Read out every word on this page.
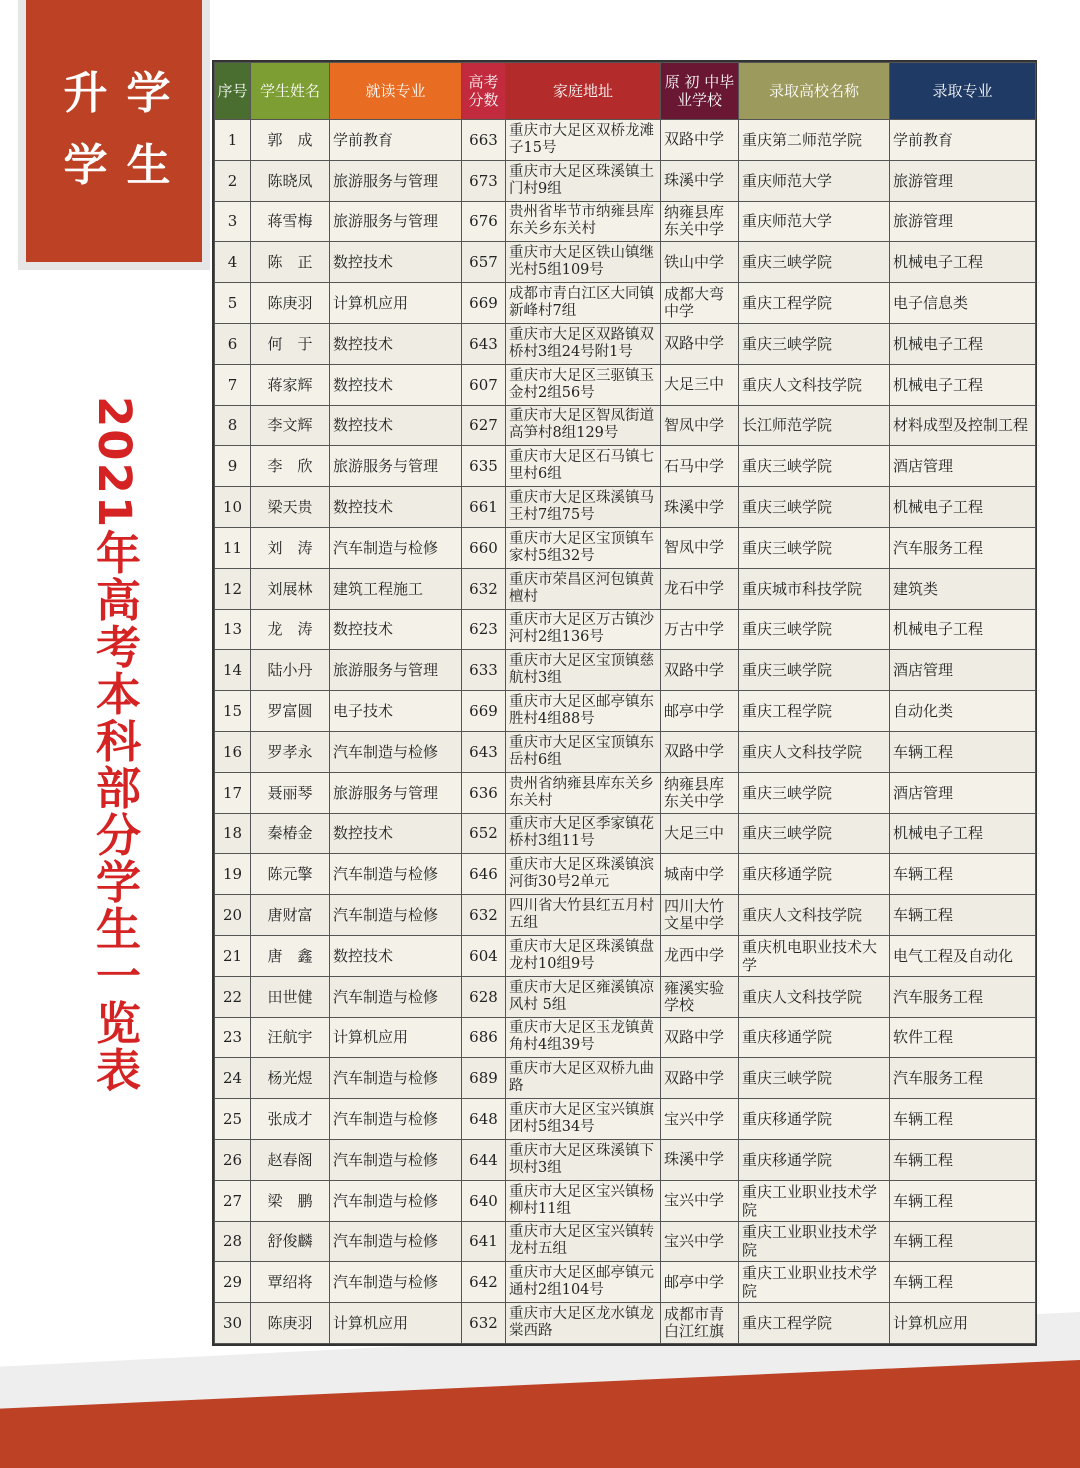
升 学
学 生
2021年高考本科部分学生一览表
序号	学生姓名	就读专业	高考分数	家庭地址	原 初 中毕业学校	录取高校名称	录取专业
1	郭　成	学前教育	663	重庆市大足区双桥龙滩子15号	双路中学	重庆第二师范学院	学前教育
2	陈晓凤	旅游服务与管理	673	重庆市大足区珠溪镇土门村9组	珠溪中学	重庆师范大学	旅游管理
3	蒋雪梅	旅游服务与管理	676	贵州省毕节市纳雍县库东关乡东关村	纳雍县库东关中学	重庆师范大学	旅游管理
4	陈　正	数控技术	657	重庆市大足区铁山镇继光村5组109号	铁山中学	重庆三峡学院	机械电子工程
5	陈庚羽	计算机应用	669	成都市青白江区大同镇新峰村7组	成都大弯中学	重庆工程学院	电子信息类
6	何　于	数控技术	643	重庆市大足区双路镇双桥村3组24号附1号	双路中学	重庆三峡学院	机械电子工程
7	蒋家辉	数控技术	607	重庆市大足区三驱镇玉金村2组56号	大足三中	重庆人文科技学院	机械电子工程
8	李文辉	数控技术	627	重庆市大足区智凤街道高笋村8组129号	智凤中学	长江师范学院	材料成型及控制工程
9	李　欣	旅游服务与管理	635	重庆市大足区石马镇七里村6组	石马中学	重庆三峡学院	酒店管理
10	梁天贵	数控技术	661	重庆市大足区珠溪镇马王村7组75号	珠溪中学	重庆三峡学院	机械电子工程
11	刘　涛	汽车制造与检修	660	重庆市大足区宝顶镇车家村5组32号	智凤中学	重庆三峡学院	汽车服务工程
12	刘展林	建筑工程施工	632	重庆市荣昌区河包镇黄檀村	龙石中学	重庆城市科技学院	建筑类
13	龙　涛	数控技术	623	重庆市大足区万古镇沙河村2组136号	万古中学	重庆三峡学院	机械电子工程
14	陆小丹	旅游服务与管理	633	重庆市大足区宝顶镇慈航村3组	双路中学	重庆三峡学院	酒店管理
15	罗富圆	电子技术	669	重庆市大足区邮亭镇东胜村4组88号	邮亭中学	重庆工程学院	自动化类
16	罗孝永	汽车制造与检修	643	重庆市大足区宝顶镇东岳村6组	双路中学	重庆人文科技学院	车辆工程
17	聂丽琴	旅游服务与管理	636	贵州省纳雍县库东关乡东关村	纳雍县库东关中学	重庆三峡学院	酒店管理
18	秦椿金	数控技术	652	重庆市大足区季家镇花桥村3组11号	大足三中	重庆三峡学院	机械电子工程
19	陈元擎	汽车制造与检修	646	重庆市大足区珠溪镇滨河街30号2单元	城南中学	重庆移通学院	车辆工程
20	唐财富	汽车制造与检修	632	四川省大竹县红五月村五组	四川大竹文星中学	重庆人文科技学院	车辆工程
21	唐　鑫	数控技术	604	重庆市大足区珠溪镇盘龙村10组9号	龙西中学	重庆机电职业技术大学	电气工程及自动化
22	田世健	汽车制造与检修	628	重庆市大足区雍溪镇凉风村 5组	雍溪实验学校	重庆人文科技学院	汽车服务工程
23	汪航宇	计算机应用	686	重庆市大足区玉龙镇黄角村4组39号	双路中学	重庆移通学院	软件工程
24	杨光煜	汽车制造与检修	689	重庆市大足区双桥九曲路	双路中学	重庆三峡学院	汽车服务工程
25	张成才	汽车制造与检修	648	重庆市大足区宝兴镇旗团村5组34号	宝兴中学	重庆移通学院	车辆工程
26	赵春阁	汽车制造与检修	644	重庆市大足区珠溪镇下坝村3组	珠溪中学	重庆移通学院	车辆工程
27	梁　鹏	汽车制造与检修	640	重庆市大足区宝兴镇杨柳村11组	宝兴中学	重庆工业职业技术学院	车辆工程
28	舒俊麟	汽车制造与检修	641	重庆市大足区宝兴镇转龙村五组	宝兴中学	重庆工业职业技术学院	车辆工程
29	覃绍将	汽车制造与检修	642	重庆市大足区邮亭镇元通村2组104号	邮亭中学	重庆工业职业技术学院	车辆工程
30	陈庚羽	计算机应用	632	重庆市大足区龙水镇龙棠西路	成都市青白江红旗	重庆工程学院	计算机应用
